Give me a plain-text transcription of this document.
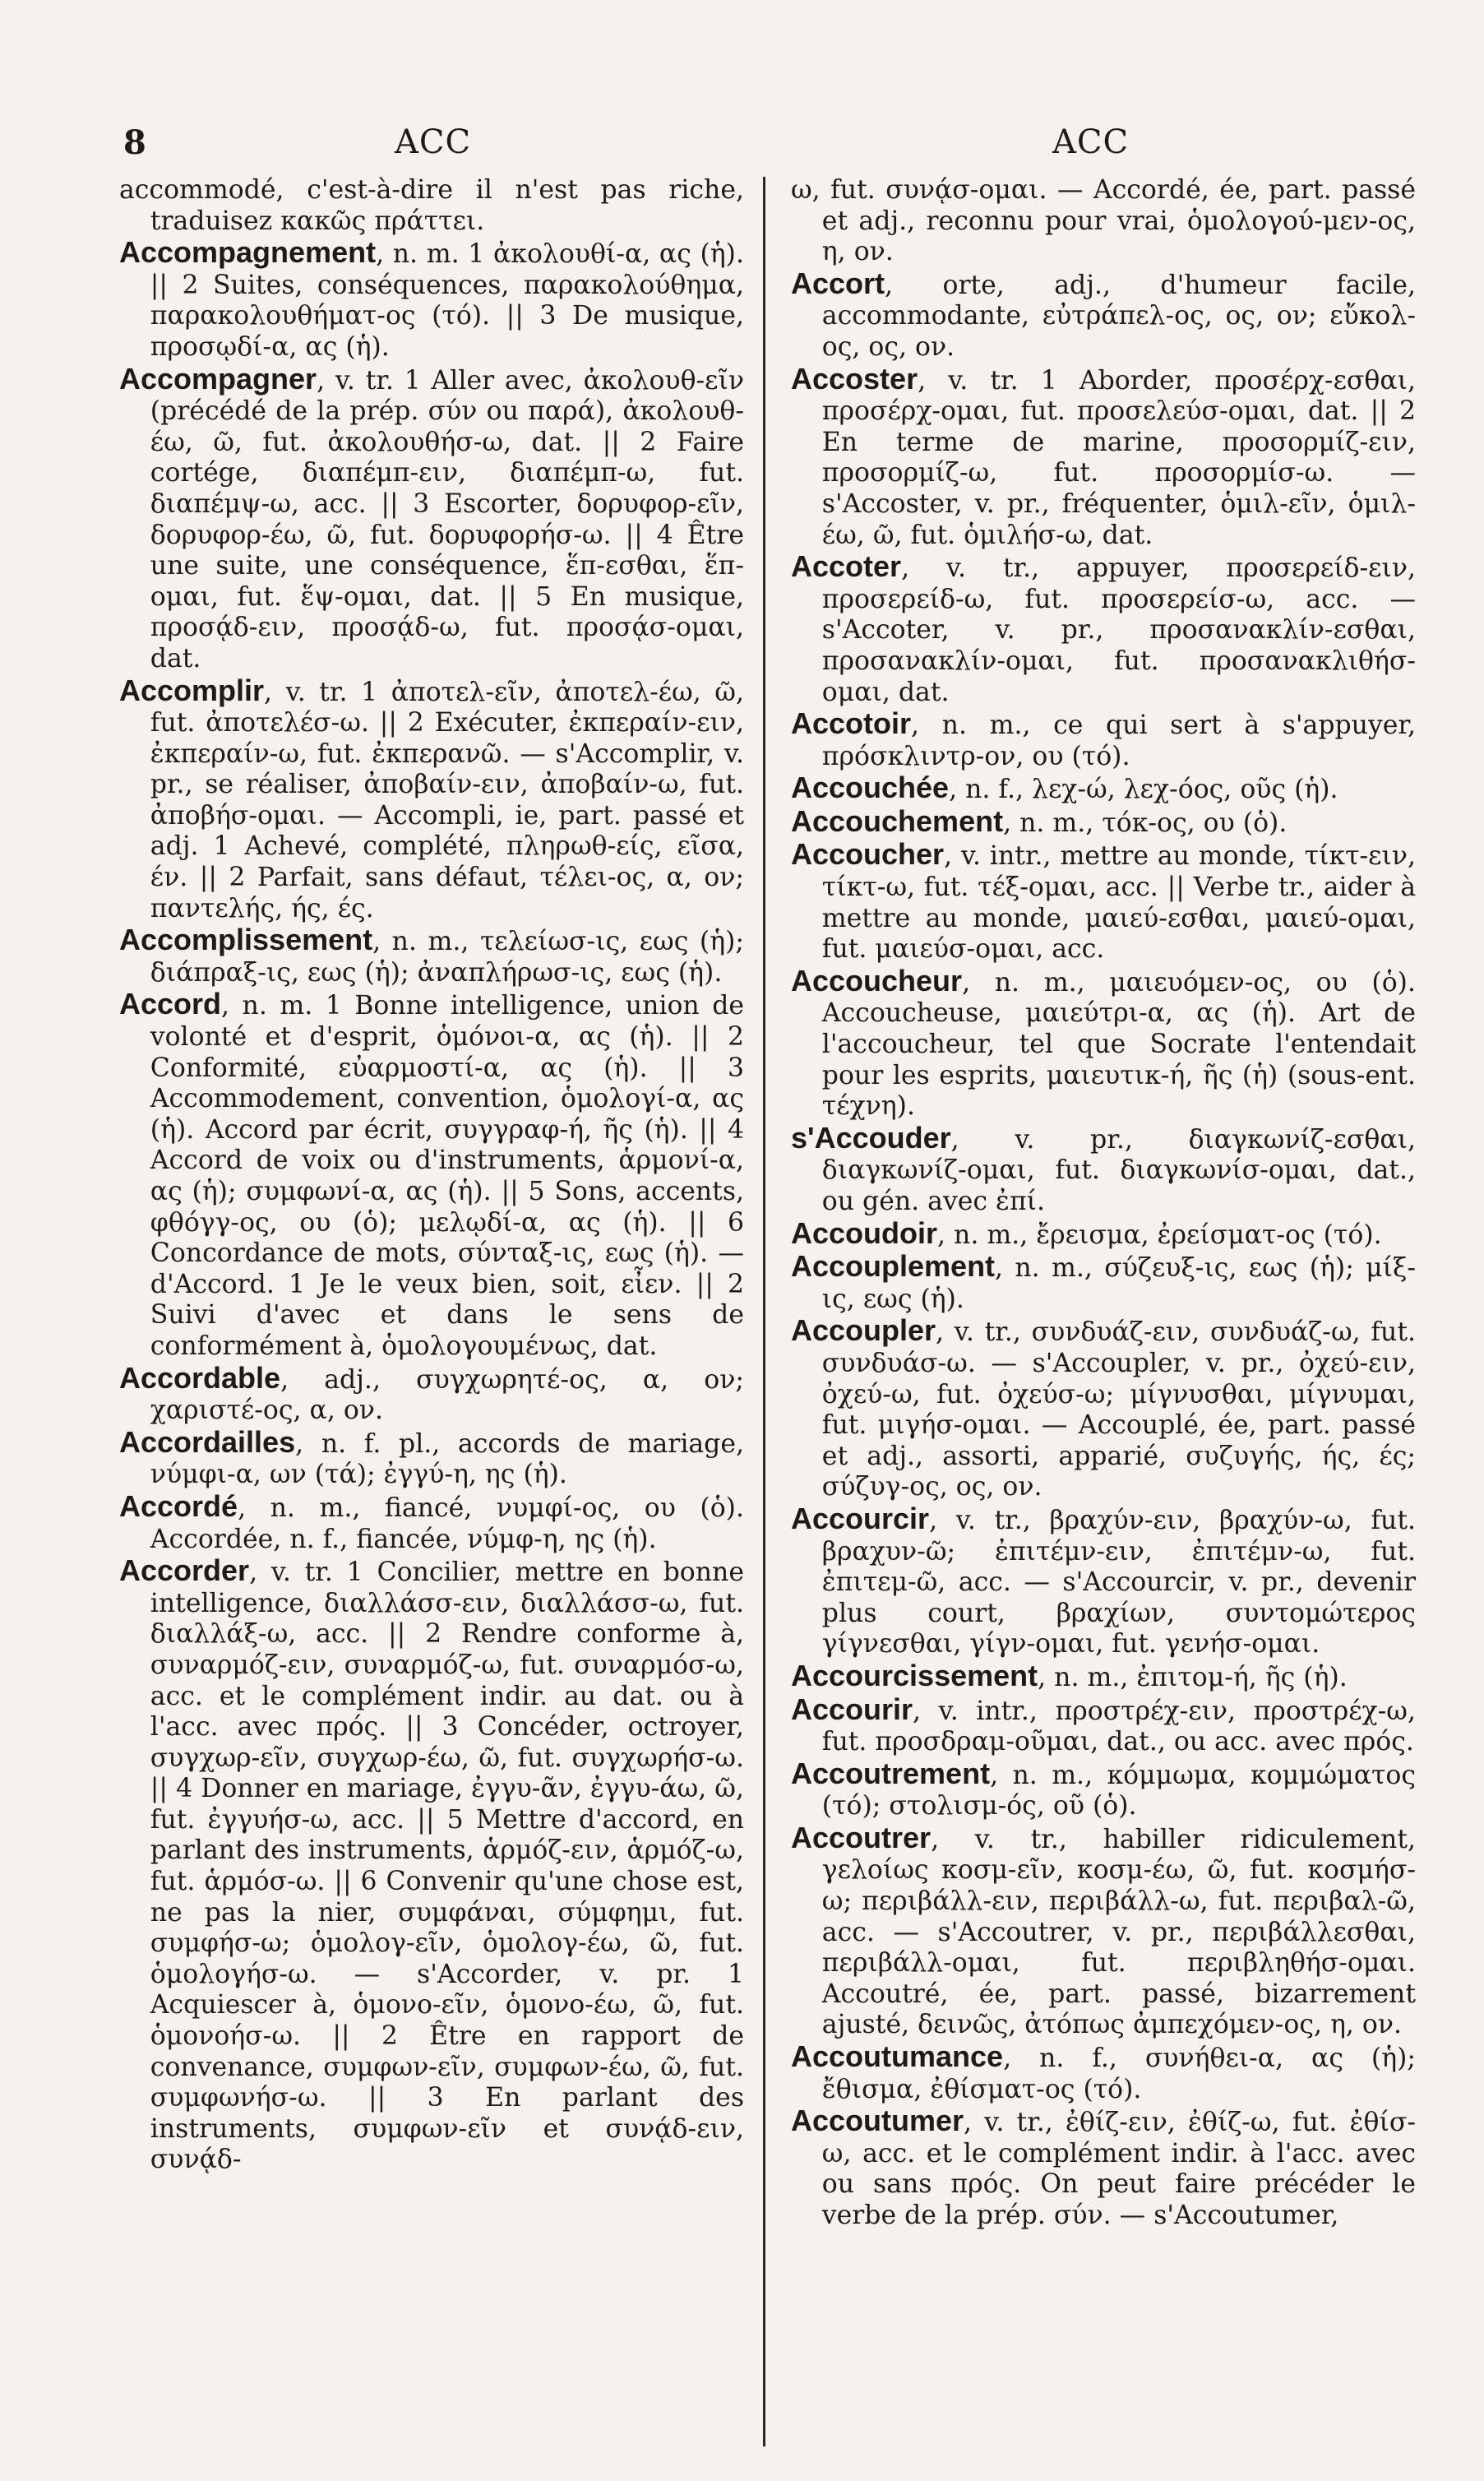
8	ACC	ACC

accommodé, c'est-à-dire il n'est pas riche, traduisez κακῶς πράττει.

Accompagnement, n. m. 1 ἀκολουθί-α, ας (ἡ). || 2 Suites, conséquences, παρακολούθημα, παρακολουθήματ-ος (τό). || 3 De musique, προσῳδί-α, ας (ἡ).

Accompagner, v. tr. 1 Aller avec, ἀκολουθ-εῖν (précédé de la prép. σύν ou παρά), ἀκολουθ-έω, ῶ, fut. ἀκολουθήσ-ω, dat. || 2 Faire cortége, διαπέμπ-ειν, διαπέμπ-ω, fut. διαπέμψ-ω, acc. || 3 Escorter, δορυφορ-εῖν, δορυφορ-έω, ῶ, fut. δορυφορήσ-ω. || 4 Être une suite, une conséquence, ἕπ-εσθαι, ἕπ-ομαι, fut. ἕψ-ομαι, dat. || 5 En musique, προσᾴδ-ειν, προσᾴδ-ω, fut. προσᾴσ-ομαι, dat.

Accomplir, v. tr. 1 ἀποτελ-εῖν, ἀποτελ-έω, ῶ, fut. ἀποτελέσ-ω. || 2 Exécuter, ἐκπεραίν-ειν, ἐκπεραίν-ω, fut. ἐκπερανῶ. — s'Accomplir, v. pr., se réaliser, ἀποβαίν-ειν, ἀποβαίν-ω, fut. ἀποβήσ-ομαι. — Accompli, ie, part. passé et adj. 1 Achevé, complété, πληρωθ-είς, εῖσα, έν. || 2 Parfait, sans défaut, τέλει-ος, α, ον; παντελής, ής, ές.

Accomplissement, n. m., τελείωσ-ις, εως (ἡ); διάπραξ-ις, εως (ἡ); ἀναπλήρωσ-ις, εως (ἡ).

Accord, n. m. 1 Bonne intelligence, union de volonté et d'esprit, ὁμόνοι-α, ας (ἡ). || 2 Conformité, εὐαρμοστί-α, ας (ἡ). || 3 Accommodement, convention, ὁμολογί-α, ας (ἡ). Accord par écrit, συγγραφ-ή, ῆς (ἡ). || 4 Accord de voix ou d'instruments, ἁρμονί-α, ας (ἡ); συμφωνί-α, ας (ἡ). || 5 Sons, accents, φθόγγ-ος, ου (ὁ); μελῳδί-α, ας (ἡ). || 6 Concordance de mots, σύνταξ-ις, εως (ἡ). —d'Accord. 1 Je le veux bien, soit, εἶεν. || 2 Suivi d'avec et dans le sens de conformément à, ὁμολογουμένως, dat.

Accordable, adj., συγχωρητέ-ος, α, ον; χαριστέ-ος, α, ον.

Accordailles, n. f. pl., accords de mariage, νύμφι-α, ων (τά); ἐγγύ-η, ης (ἡ).

Accordé, n. m., fiancé, νυμφί-ος, ου (ὁ). Accordée, n. f., fiancée, νύμφ-η, ης (ἡ).

Accorder, v. tr. 1 Concilier, mettre en bonne intelligence, διαλλάσσ-ειν, διαλλάσσ-ω, fut. διαλλάξ-ω, acc. || 2 Rendre conforme à, συναρμόζ-ειν, συναρμόζ-ω, fut. συναρμόσ-ω, acc. et le complément indir. au dat. ou à l'acc. avec πρός. || 3 Concéder, octroyer, συγχωρ-εῖν, συγχωρ-έω, ῶ, fut. συγχωρήσ-ω. || 4 Donner en mariage, ἐγγυ-ᾶν, ἐγγυ-άω, ῶ, fut. ἐγγυήσ-ω, acc. || 5 Mettre d'accord, en parlant des instruments, ἁρμόζ-ειν, ἁρμόζ-ω, fut. ἁρμόσ-ω. || 6 Convenir qu'une chose est, ne pas la nier, συμφάναι, σύμφημι, fut. συμφήσ-ω; ὁμολογ-εῖν, ὁμολογ-έω, ῶ, fut. ὁμολογήσ-ω. — s'Accorder, v. pr. 1 Acquiescer à, ὁμονο-εῖν, ὁμονο-έω, ῶ, fut. ὁμονοήσ-ω. || 2 Être en rapport de convenance, συμφων-εῖν, συμφων-έω, ῶ, fut. συμφωνήσ-ω. || 3 En parlant des instruments, συμφων-εῖν et συνᾴδ-ειν, συνᾴδ-

ω, fut. συνᾴσ-ομαι. — Accordé, ée, part. passé et adj., reconnu pour vrai, ὁμολογού-μεν-ος, η, ον.

Accort, orte, adj., d'humeur facile, accommodante, εὐτράπελ-ος, ος, ον; εὔκολ-ος, ος, ον.

Accoster, v. tr. 1 Aborder, προσέρχ-εσθαι, προσέρχ-ομαι, fut. προσελεύσ-ομαι, dat. || 2 En terme de marine, προσορμίζ-ειν, προσορμίζ-ω, fut. προσορμίσ-ω. — s'Accoster, v. pr., fréquenter, ὁμιλ-εῖν, ὁμιλ-έω, ῶ, fut. ὁμιλήσ-ω, dat.

Accoter, v. tr., appuyer, προσερείδ-ειν, προσερείδ-ω, fut. προσερείσ-ω, acc. — s'Accoter, v. pr., προσανακλίν-εσθαι, προσανακλίν-ομαι, fut. προσανακλιθήσ-ομαι, dat.

Accotoir, n. m., ce qui sert à s'appuyer, πρόσκλιντρ-ον, ου (τό).

Accouchée, n. f., λεχ-ώ, λεχ-όος, οῦς (ἡ).

Accouchement, n. m., τόκ-ος, ου (ὁ).

Accoucher, v. intr., mettre au monde, τίκτ-ειν, τίκτ-ω, fut. τέξ-ομαι, acc. || Verbe tr., aider à mettre au monde, μαιεύ-εσθαι, μαιεύ-ομαι, fut. μαιεύσ-ομαι, acc.

Accoucheur, n. m., μαιευόμεν-ος, ου (ὁ). Accoucheuse, μαιεύτρι-α, ας (ἡ). Art de l'accoucheur, tel que Socrate l'entendait pour les esprits, μαιευτικ-ή, ῆς (ἡ) (sous-ent. τέχνη).

s'Accouder, v. pr., διαγκωνίζ-εσθαι, διαγκωνίζ-ομαι, fut. διαγκωνίσ-ομαι, dat., ou gén. avec ἐπί.

Accoudoir, n. m., ἔρεισμα, ἐρείσματ-ος (τό).

Accouplement, n. m., σύζευξ-ις, εως (ἡ); μίξ-ις, εως (ἡ).

Accoupler, v. tr., συνδυάζ-ειν, συνδυάζ-ω, fut. συνδυάσ-ω. — s'Accoupler, v. pr., ὀχεύ-ειν, ὀχεύ-ω, fut. ὀχεύσ-ω; μίγνυσθαι, μίγνυμαι, fut. μιγήσ-ομαι. — Accouplé, ée, part. passé et adj., assorti, apparié, συζυγής, ής, ές; σύζυγ-ος, ος, ον.

Accourcir, v. tr., βραχύν-ειν, βραχύν-ω, fut. βραχυν-ῶ; ἐπιτέμν-ειν, ἐπιτέμν-ω, fut. ἐπιτεμ-ῶ, acc. — s'Accourcir, v. pr., devenir plus court, βραχίων, συντομώτερος γίγνεσθαι, γίγν-ομαι, fut. γενήσ-ομαι.

Accourcissement, n. m., ἐπιτομ-ή, ῆς (ἡ).

Accourir, v. intr., προστρέχ-ειν, προστρέχ-ω, fut. προσδραμ-οῦμαι, dat., ou acc. avec πρός.

Accoutrement, n. m., κόμμωμα, κομμώματος (τό); στολισμ-ός, οῦ (ὁ).

Accoutrer, v. tr., habiller ridiculement, γελοίως κοσμ-εῖν, κοσμ-έω, ῶ, fut. κοσμήσ-ω; περιβάλλ-ειν, περιβάλλ-ω, fut. περιβαλ-ῶ, acc. — s'Accoutrer, v. pr., περιβάλλεσθαι, περιβάλλ-ομαι, fut. περιβληθήσ-ομαι. Accoutré, ée, part. passé, bizarrement ajusté, δεινῶς, ἀτόπως ἀμπεχόμεν-ος, η, ον.

Accoutumance, n. f., συνήθει-α, ας (ἡ); ἔθισμα, ἐθίσματ-ος (τό).

Accoutumer, v. tr., ἐθίζ-ειν, ἐθίζ-ω, fut. ἐθίσ-ω, acc. et le complément indir. à l'acc. avec ou sans πρός. On peut faire précéder le verbe de la prép. σύν. — s'Accoutumer,
